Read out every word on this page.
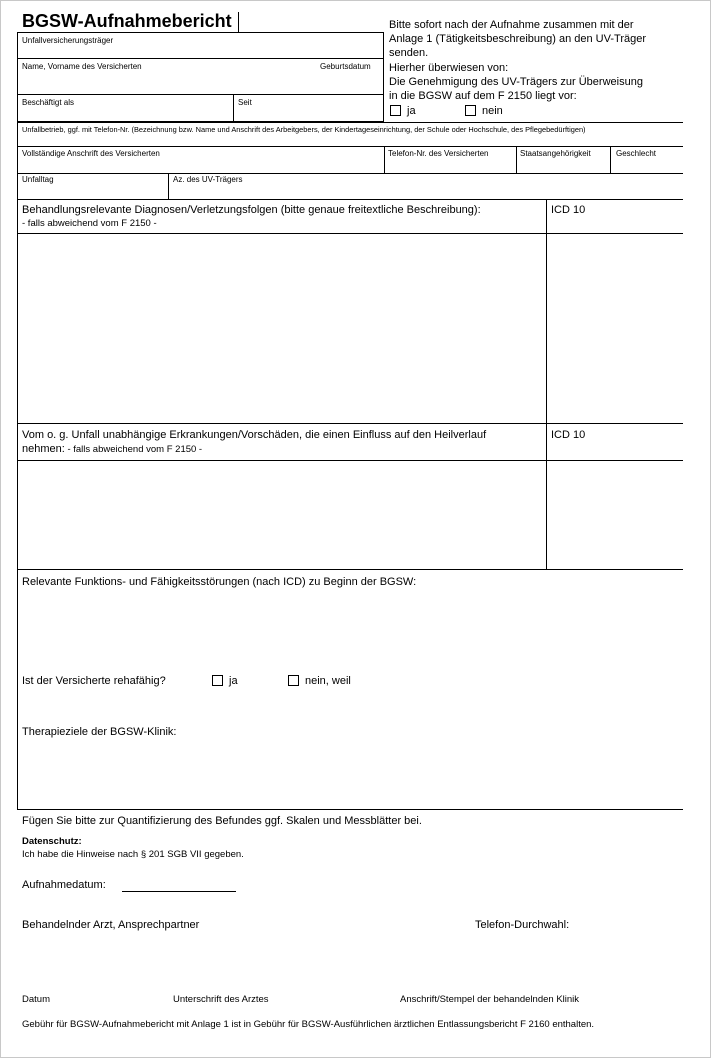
BGSW-Aufnahmebericht	Bitte sofort nach der Aufnahme zusammen mit der
Anlage 1 (Tätigkeitsbeschreibung) an den UV-Träger
senden.
Hierher überwiesen von:
Die Genehmigung des UV-Trägers zur Überweisung
in die BGSW auf dem F 2150 liegt vor:
ja	nein
Unfallversicherungsträger
Name, Vorname des Versicherten	Geburtsdatum
Beschäftigt als	Seit
Unfallbetrieb, ggf. mit Telefon-Nr. (Bezeichnung bzw. Name und Anschrift des Arbeitgebers, der Kindertageseinrichtung, der Schule oder Hochschule, des Pflegebedürftigen)
Vollständige Anschrift des Versicherten	Telefon-Nr. des Versicherten	Staatsangehörigkeit	Geschlecht
Unfalltag	Az. des UV-Trägers
Behandlungsrelevante Diagnosen/Verletzungsfolgen (bitte genaue freitextliche Beschreibung):
- falls abweichend vom F 2150 -
ICD 10
Vom o. g. Unfall unabhängige Erkrankungen/Vorschäden, die einen Einfluss auf den Heilverlauf
nehmen: - falls abweichend vom F 2150 -
ICD 10
Relevante Funktions- und Fähigkeitsstörungen (nach ICD) zu Beginn der BGSW:
Ist der Versicherte rehafähig?	ja	nein, weil
Therapieziele der BGSW-Klinik:
Fügen Sie bitte zur Quantifizierung des Befundes ggf. Skalen und Messblätter bei.
Datenschutz:
Ich habe die Hinweise nach § 201 SGB VII gegeben.
Aufnahmedatum:
Behandelnder Arzt, Ansprechpartner	Telefon-Durchwahl:
Datum	Unterschrift des Arztes	Anschrift/Stempel der behandelnden Klinik
Gebühr für BGSW-Aufnahmebericht mit Anlage 1 ist in Gebühr für BGSW-Ausführlichen ärztlichen Entlassungsbericht F 2160 enthalten.
